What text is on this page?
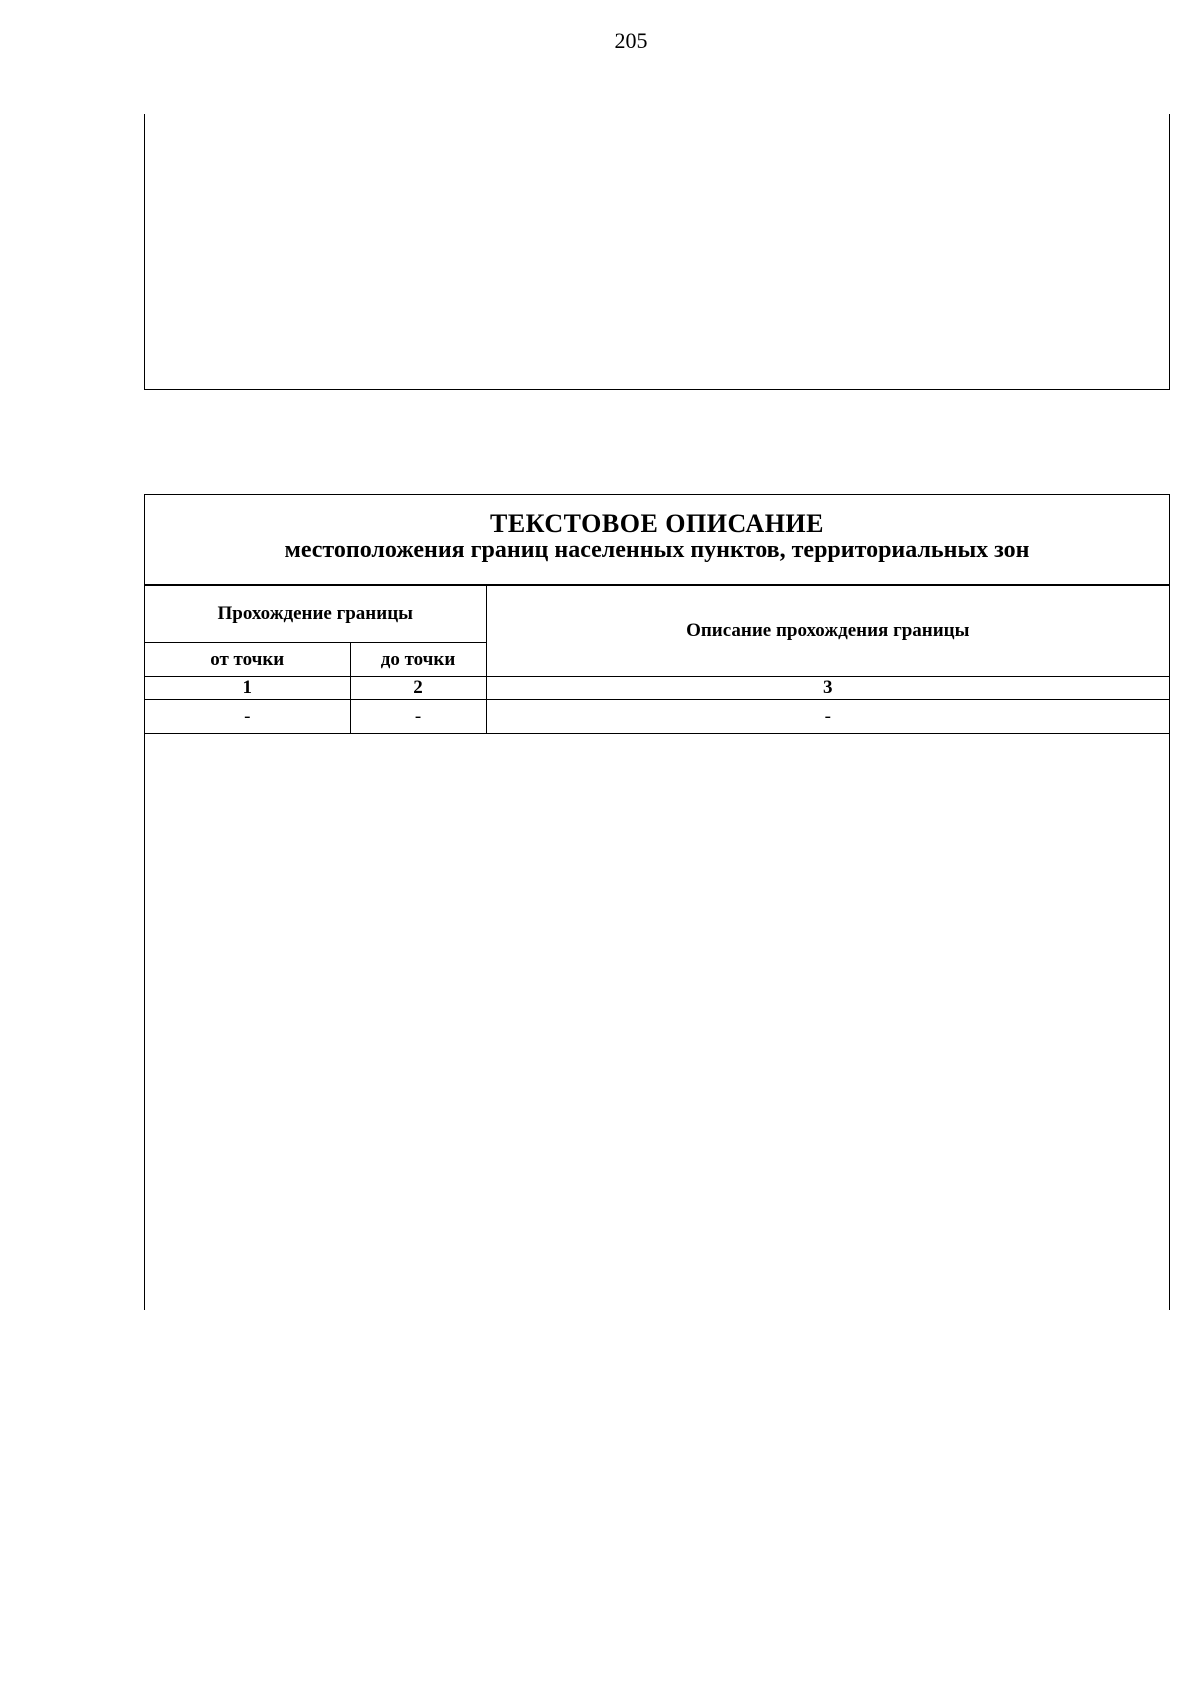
205
ТЕКСТОВОЕ ОПИСАНИЕ
местоположения границ населенных пунктов, территориальных зон
Прохождение границы		Описание прохождения границы
от точки	до точки	
1	2	3
-	-	-
